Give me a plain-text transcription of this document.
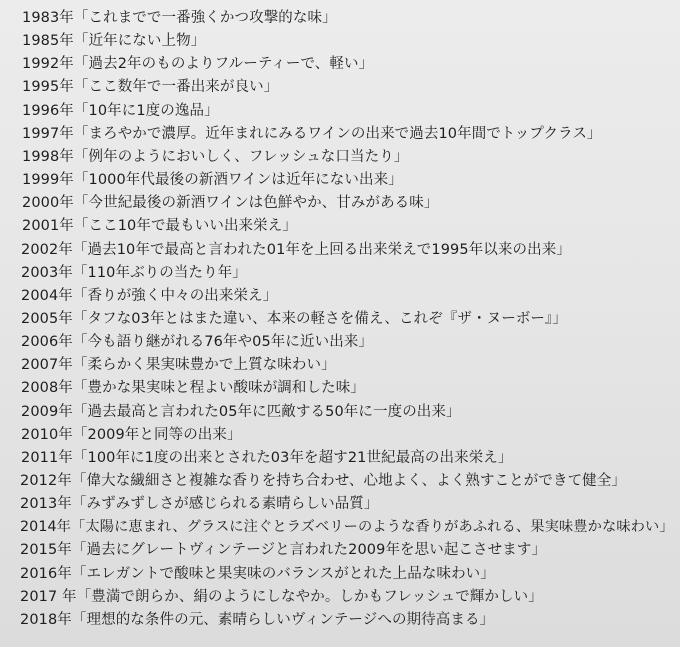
1983年「これまでで一番強くかつ攻撃的な味」
1985年「近年にない上物」
1992年「過去2年のものよりフルーティーで、軽い」
1995年「ここ数年で一番出来が良い」
1996年「10年に1度の逸品」
1997年「まろやかで濃厚。近年まれにみるワインの出来で過去10年間でトップクラス」
1998年「例年のようにおいしく、フレッシュな口当たり」
1999年「1000年代最後の新酒ワインは近年にない出来」
2000年「今世紀最後の新酒ワインは色鮮やか、甘みがある味」
2001年「ここ10年で最もいい出来栄え」
2002年「過去10年で最高と言われた01年を上回る出来栄えで1995年以来の出来」
2003年「110年ぶりの当たり年」
2004年「香りが強く中々の出来栄え」
2005年「タフな03年とはまた違い、本来の軽さを備え、これぞ『ザ・ヌーボー』」
2006年「今も語り継がれる76年や05年に近い出来」
2007年「柔らかく果実味豊かで上質な味わい」
2008年「豊かな果実味と程よい酸味が調和した味」
2009年「過去最高と言われた05年に匹敵する50年に一度の出来」
2010年「2009年と同等の出来」
2011年「100年に1度の出来とされた03年を超す21世紀最高の出来栄え」
2012年「偉大な繊細さと複雑な香りを持ち合わせ、心地よく、よく熟すことができて健全」
2013年「みずみずしさが感じられる素晴らしい品質」
2014年「太陽に恵まれ、グラスに注ぐとラズベリーのような香りがあふれる、果実味豊かな味わい」
2015年「過去にグレートヴィンテージと言われた2009年を思い起こさせます」
2016年「エレガントで酸味と果実味のバランスがとれた上品な味わい」
2017 年「豊満で朗らか、絹のようにしなやか。しかもフレッシュで輝かしい」
2018年「理想的な条件の元、素晴らしいヴィンテージへの期待高まる」
